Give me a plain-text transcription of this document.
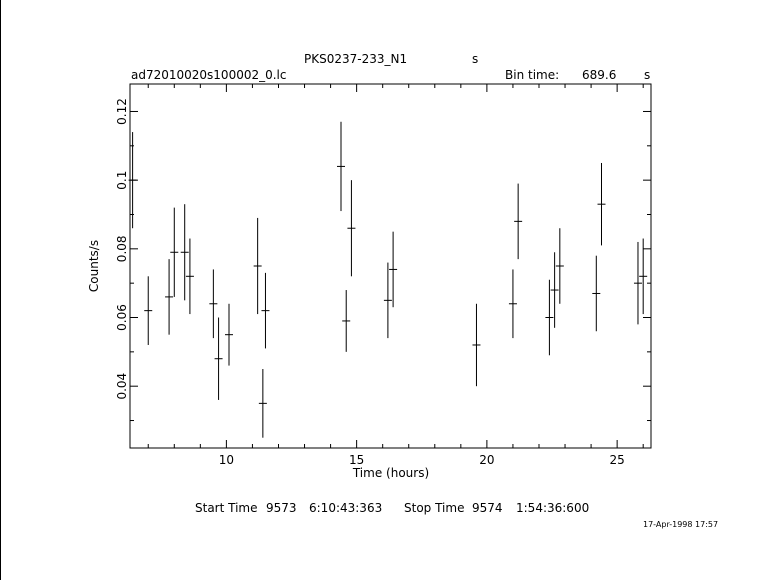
PKS0237-233_N1	s
ad72010020s100002_0.lc	Bin time: 689.6 s
10	15	20	25
0.04
0.06
0.08
0.1
0.12
Time (hours)
Counts/s
Start Time 9573 6:10:43:363 Stop Time 9574 1:54:36:600
17-Apr-1998 17:57
